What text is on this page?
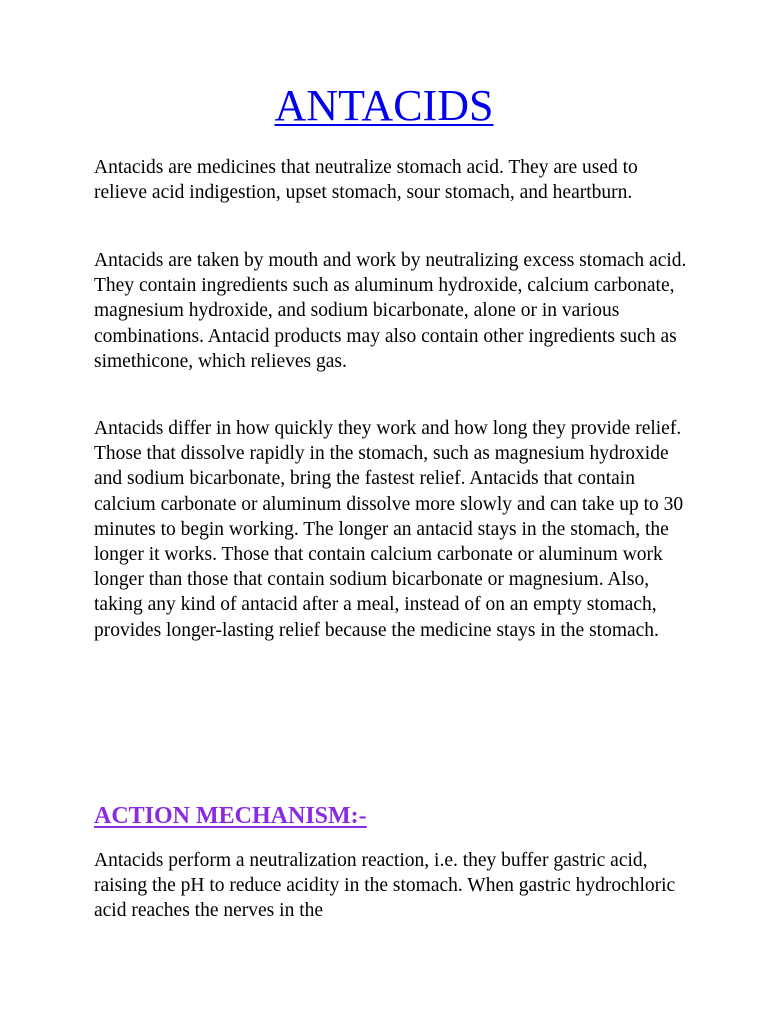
ANTACIDS

Antacids are medicines that neutralize stomach acid. They are used to relieve acid indigestion, upset stomach, sour stomach, and heartburn.

Antacids are taken by mouth and work by neutralizing excess stomach acid. They contain ingredients such as aluminum hydroxide, calcium carbonate, magnesium hydroxide, and sodium bicarbonate, alone or in various combinations. Antacid products may also contain other ingredients such as simethicone, which relieves gas.

Antacids differ in how quickly they work and how long they provide relief. Those that dissolve rapidly in the stomach, such as magnesium hydroxide and sodium bicarbonate, bring the fastest relief. Antacids that contain calcium carbonate or aluminum dissolve more slowly and can take up to 30 minutes to begin working. The longer an antacid stays in the stomach, the longer it works. Those that contain calcium carbonate or aluminum work longer than those that contain sodium bicarbonate or magnesium. Also, taking any kind of antacid after a meal, instead of on an empty stomach, provides longer-lasting relief because the medicine stays in the stomach.

ACTION MECHANISM:-

Antacids perform a neutralization reaction, i.e. they buffer gastric acid, raising the pH to reduce acidity in the stomach. When gastric hydrochloric acid reaches the nerves in the
